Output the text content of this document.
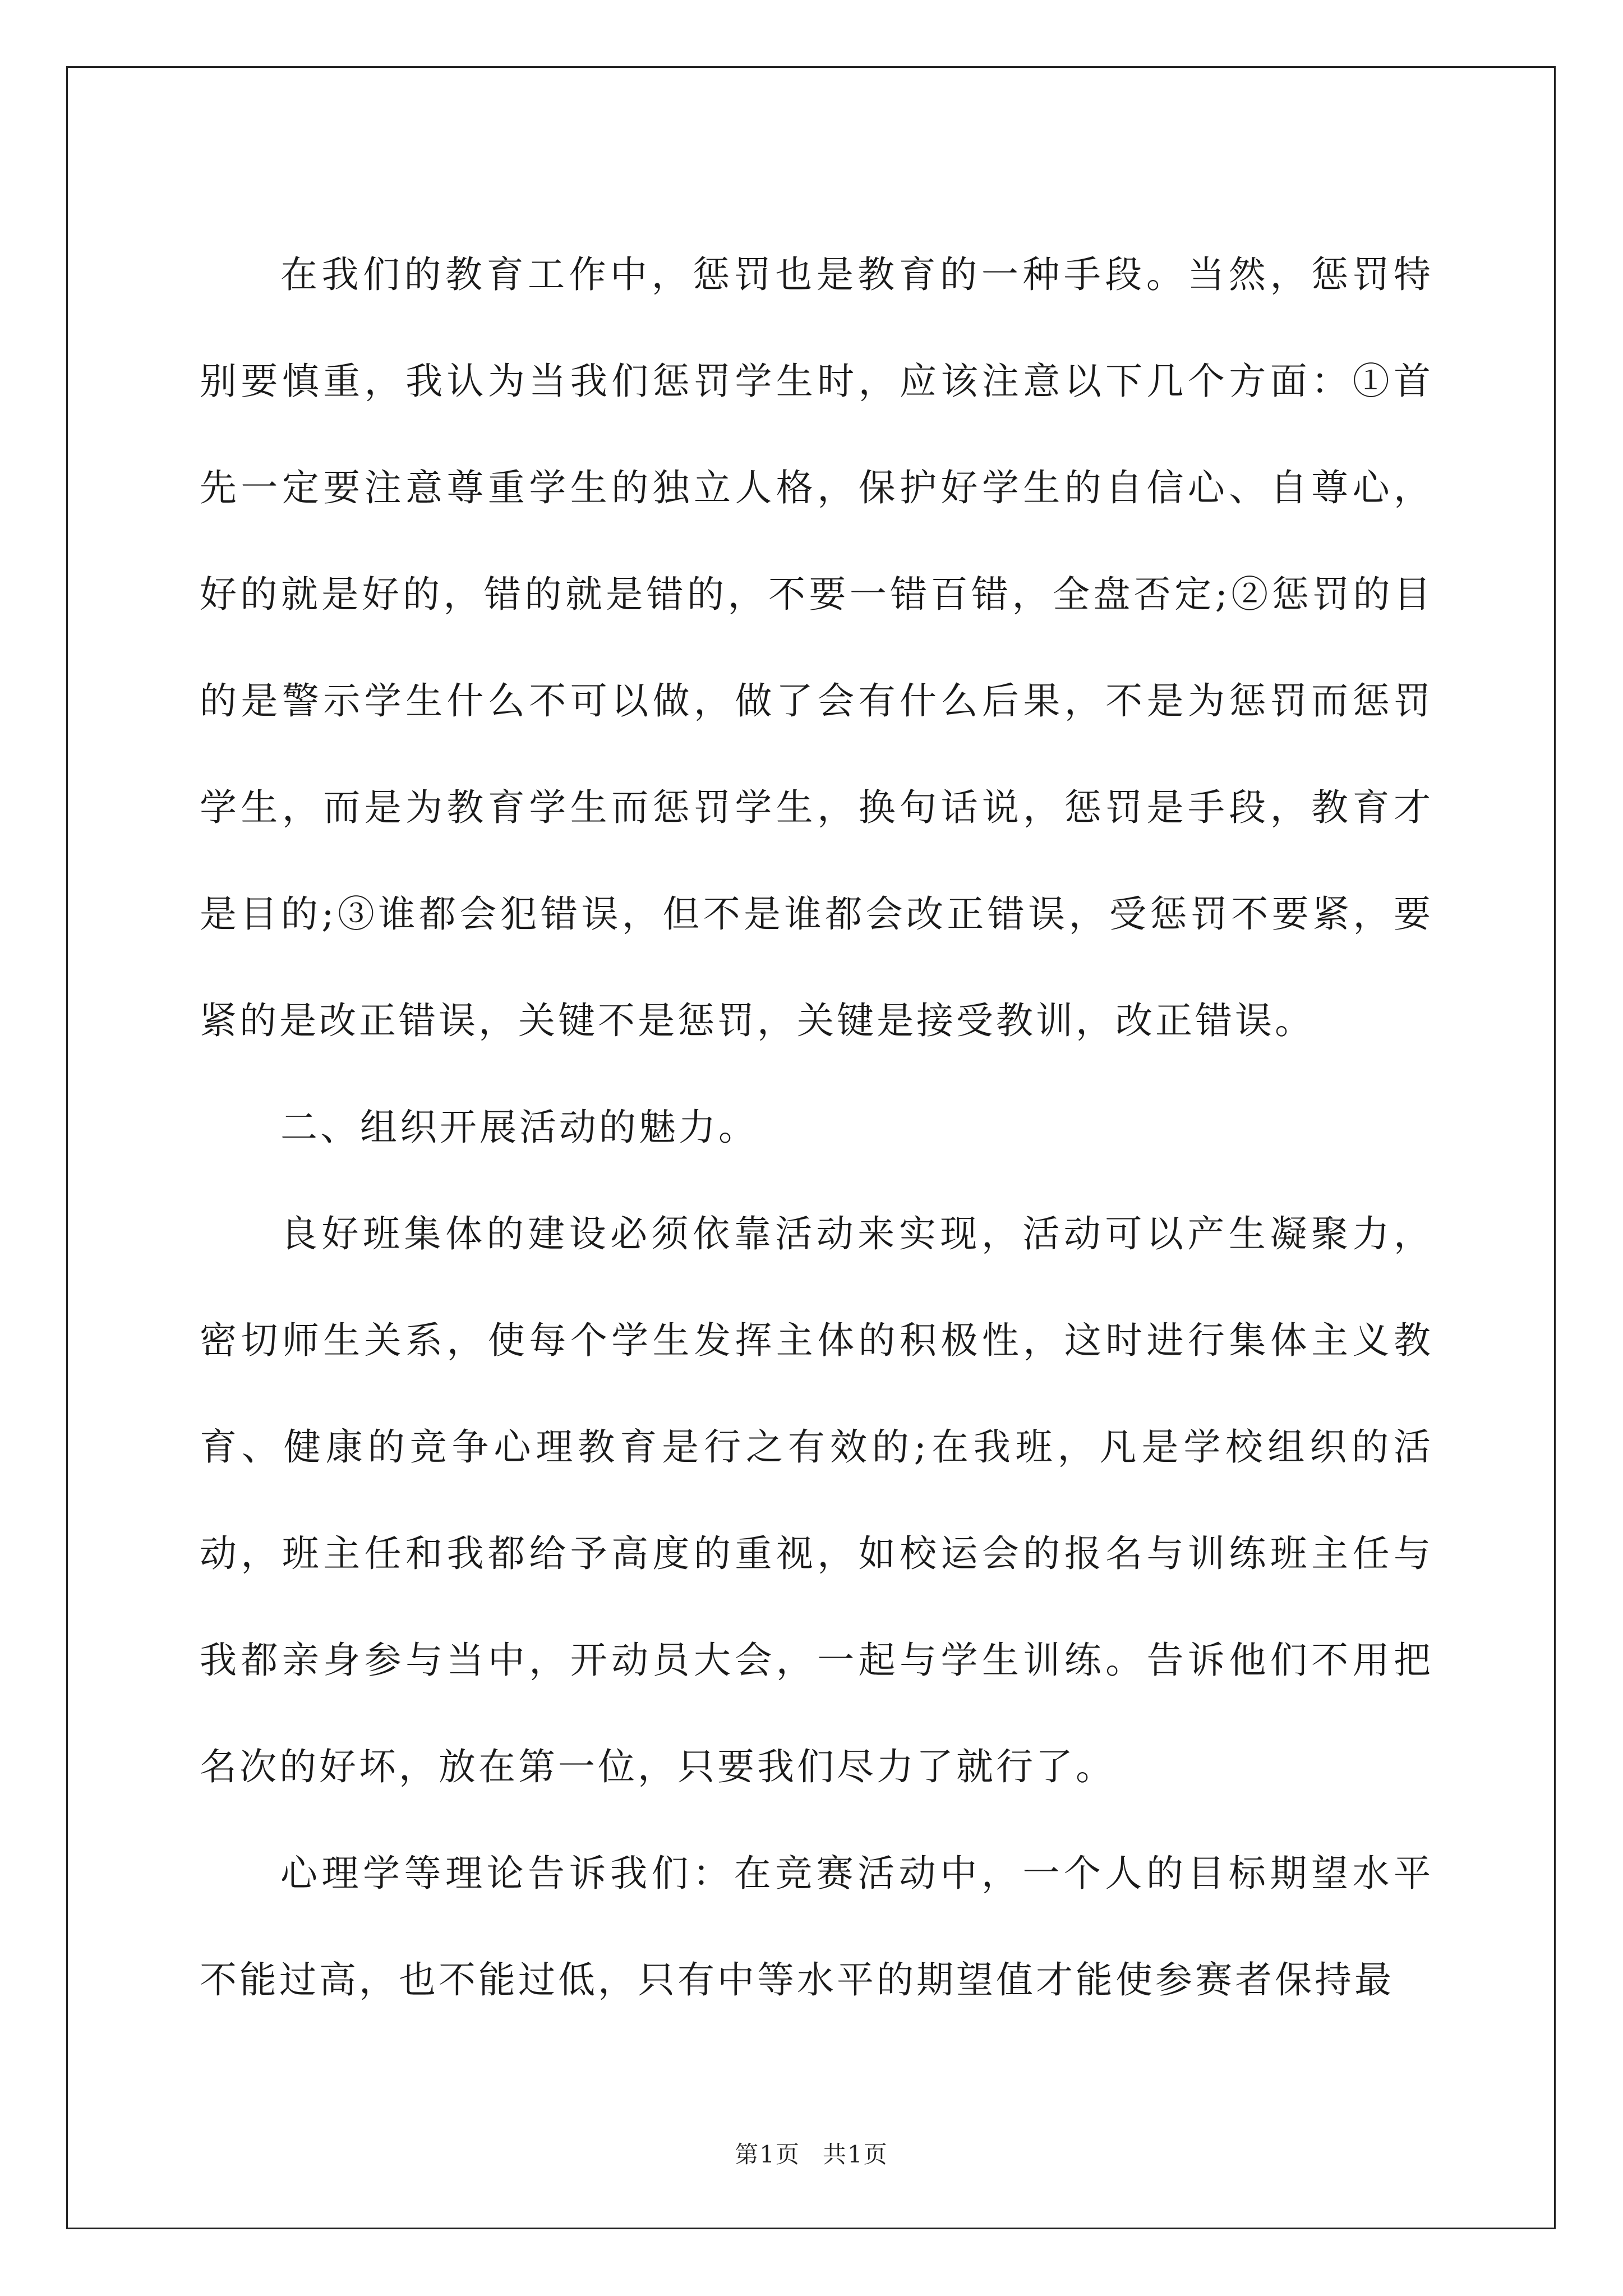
在我们的教育工作中，惩罚也是教育的一种手段。当然，惩罚特别要慎重，我认为当我们惩罚学生时，应该注意以下几个方面：①首先一定要注意尊重学生的独立人格，保护好学生的自信心、自尊心，好的就是好的，错的就是错的，不要一错百错，全盘否定;②惩罚的目的是警示学生什么不可以做，做了会有什么后果，不是为惩罚而惩罚学生，而是为教育学生而惩罚学生，换句话说，惩罚是手段，教育才是目的;③谁都会犯错误，但不是谁都会改正错误，受惩罚不要紧，要紧的是改正错误，关键不是惩罚，关键是接受教训，改正错误。

二、组织开展活动的魅力。

良好班集体的建设必须依靠活动来实现，活动可以产生凝聚力，密切师生关系，使每个学生发挥主体的积极性，这时进行集体主义教育、健康的竞争心理教育是行之有效的;在我班，凡是学校组织的活动，班主任和我都给予高度的重视，如校运会的报名与训练班主任与我都亲身参与当中，开动员大会，一起与学生训练。告诉他们不用把名次的好坏，放在第一位，只要我们尽力了就行了。

心理学等理论告诉我们：在竞赛活动中，一个人的目标期望水平不能过高，也不能过低，只有中等水平的期望值才能使参赛者保持最

第1页 共1页
